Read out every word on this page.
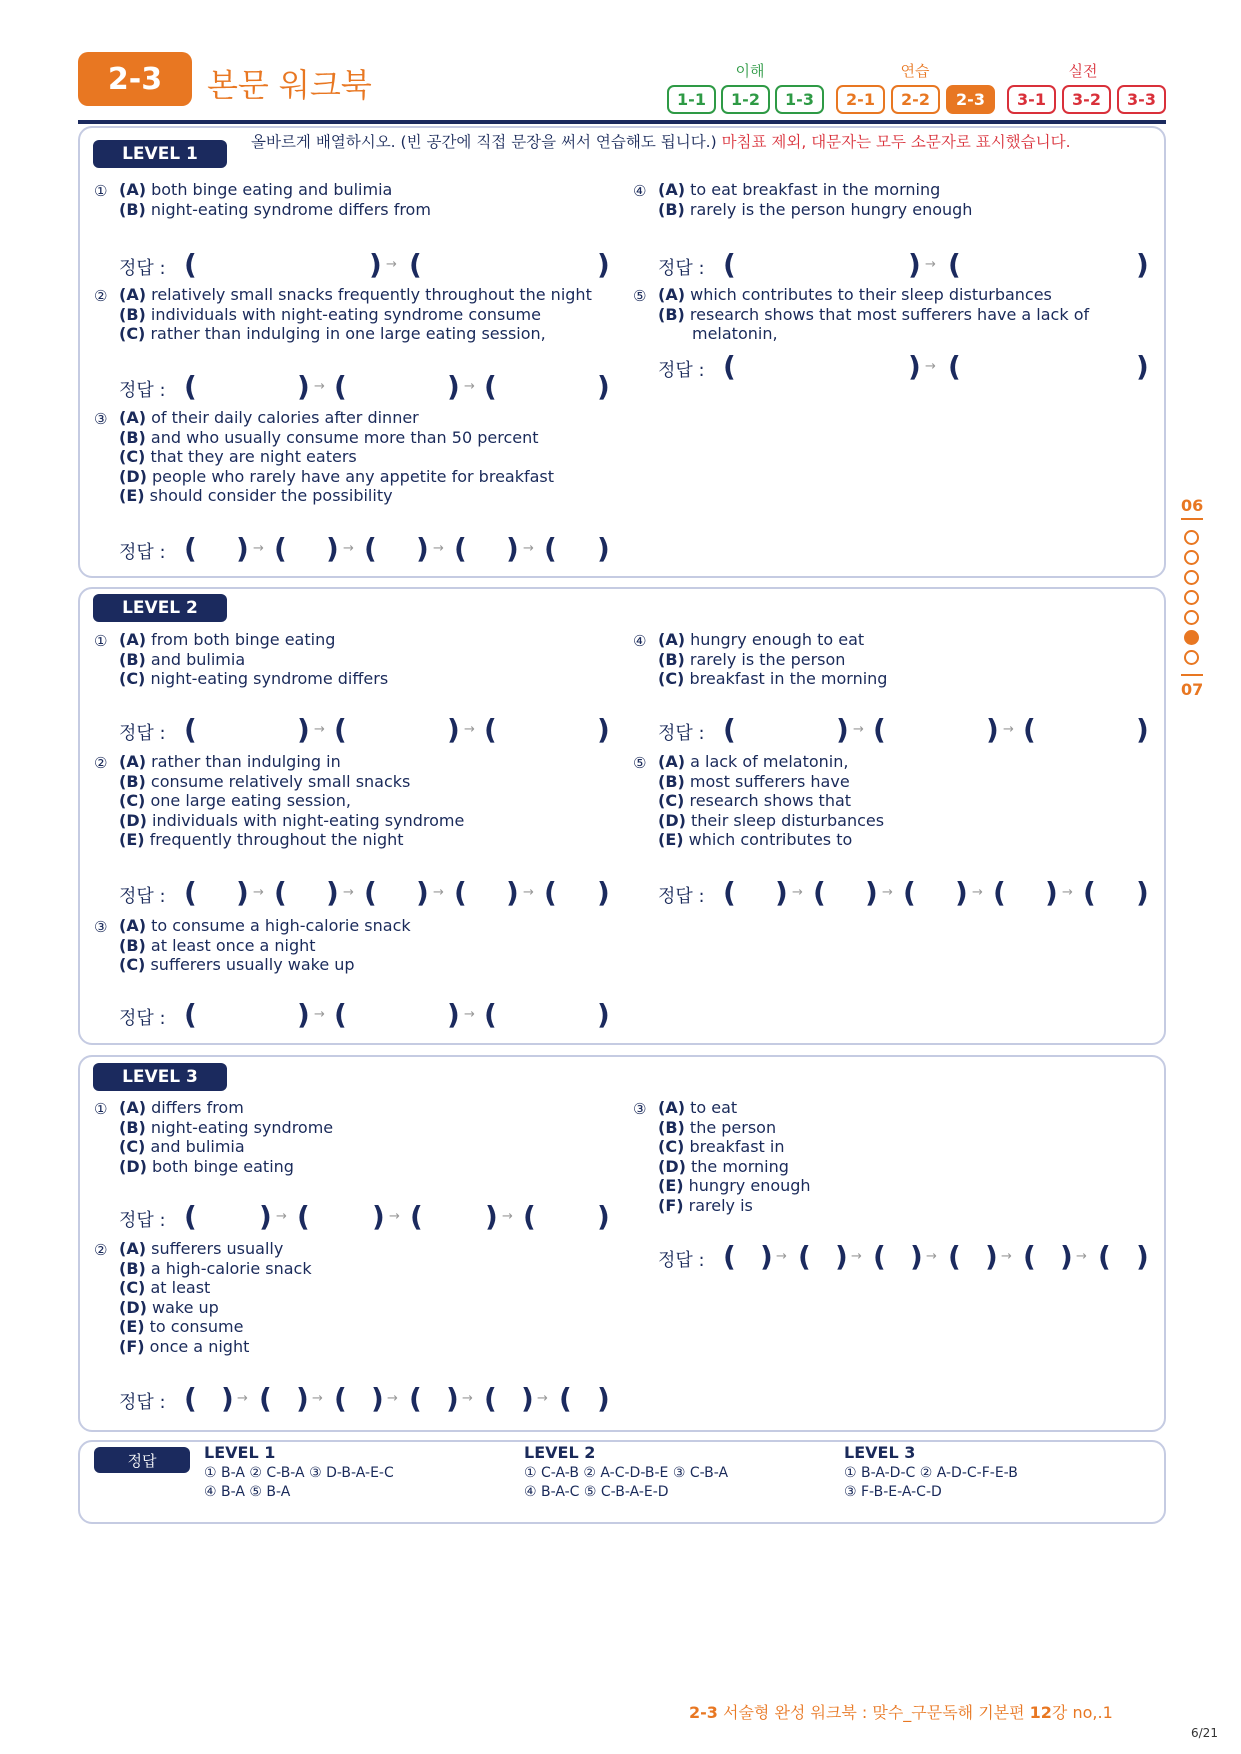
2-3	본문 워크북	이해	연습	실전
1-1	1-2	1-3	2-1	2-2	2-3	3-1	3-2	3-3
06
07
LEVEL 1
올바르게 배열하시오. (빈 공간에 직접 문장을 써서 연습해도 됩니다.) 마침표 제외, 대문자는 모두 소문자로 표시했습니다.
① (A) both binge eating and bulimia
(B) night-eating syndrome differs from
정답 : (	) → (	)
② (A) relatively small snacks frequently throughout the night
(B) individuals with night-eating syndrome consume
(C) rather than indulging in one large eating session,
정답 : (	) → (	) → (	)
③ (A) of their daily calories after dinner
(B) and who usually consume more than 50 percent
(C) that they are night eaters
(D) people who rarely have any appetite for breakfast
(E) should consider the possibility
정답 : ( ) → ( ) → ( ) → ( ) → ( )
④ (A) to eat breakfast in the morning
(B) rarely is the person hungry enough
정답 : (	) → (	)
⑤ (A) which contributes to their sleep disturbances
(B) research shows that most sufferers have a lack of
melatonin,
정답 : (	) → (	)
LEVEL 2
① (A) from both binge eating
(B) and bulimia
(C) night-eating syndrome differs
정답 : (	) → (	) → (	)
② (A) rather than indulging in
(B) consume relatively small snacks
(C) one large eating session,
(D) individuals with night-eating syndrome
(E) frequently throughout the night
정답 : ( ) → ( ) → ( ) → ( ) → ( )
③ (A) to consume a high-calorie snack
(B) at least once a night
(C) sufferers usually wake up
정답 : (	) → (	) → (	)
④ (A) hungry enough to eat
(B) rarely is the person
(C) breakfast in the morning
정답 : (	) → (	) → (	)
⑤ (A) a lack of melatonin,
(B) most sufferers have
(C) research shows that
(D) their sleep disturbances
(E) which contributes to
정답 : ( ) → ( ) → ( ) → ( ) → ( )
LEVEL 3
① (A) differs from
(B) night-eating syndrome
(C) and bulimia
(D) both binge eating
정답 : ( ) → ( ) → ( ) → ( )
② (A) sufferers usually
(B) a high-calorie snack
(C) at least
(D) wake up
(E) to consume
(F) once a night
정답 : ( ) → ( ) → ( ) → ( ) → ( ) → ( )
③ (A) to eat
(B) the person
(C) breakfast in
(D) the morning
(E) hungry enough
(F) rarely is
정답 : ( ) → ( ) → ( ) → ( ) → ( ) → ( )
정답	LEVEL 1
① B-A ② C-B-A ③ D-B-A-E-C
④ B-A ⑤ B-A
LEVEL 2
① C-A-B ② A-C-D-B-E ③ C-B-A
④ B-A-C ⑤ C-B-A-E-D
LEVEL 3
① B-A-D-C ② A-D-C-F-E-B
③ F-B-E-A-C-D
2-3 서술형 완성 워크북 : 맞수_구문독해 기본편 12강 no,.1
6/21
